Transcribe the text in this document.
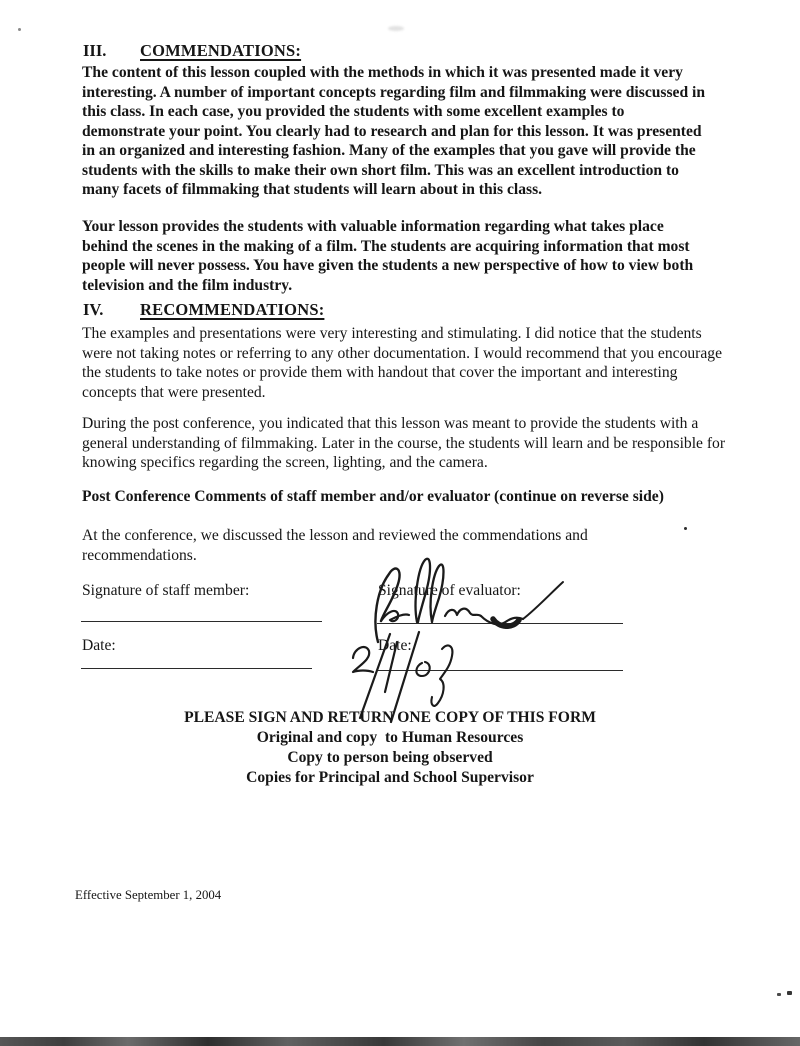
III. COMMENDATIONS:
The content of this lesson coupled with the methods in which it was presented made it very interesting. A number of important concepts regarding film and filmmaking were discussed in this class. In each case, you provided the students with some excellent examples to demonstrate your point. You clearly had to research and plan for this lesson. It was presented in an organized and interesting fashion. Many of the examples that you gave will provide the students with the skills to make their own short film. This was an excellent introduction to many facets of filmmaking that students will learn about in this class.
Your lesson provides the students with valuable information regarding what takes place behind the scenes in the making of a film. The students are acquiring information that most people will never possess. You have given the students a new perspective of how to view both television and the film industry.
IV. RECOMMENDATIONS:
The examples and presentations were very interesting and stimulating. I did notice that the students were not taking notes or referring to any other documentation. I would recommend that you encourage the students to take notes or provide them with handout that cover the important and interesting concepts that were presented.
During the post conference, you indicated that this lesson was meant to provide the students with a general understanding of filmmaking. Later in the course, the students will learn and be responsible for knowing specifics regarding the screen, lighting, and the camera.
Post Conference Comments of staff member and/or evaluator (continue on reverse side)
At the conference, we discussed the lesson and reviewed the commendations and recommendations.
Signature of staff member:	Signature of evaluator:
Date:	Date:
PLEASE SIGN AND RETURN ONE COPY OF THIS FORM
Original and copy  to Human Resources
Copy to person being observed
Copies for Principal and School Supervisor
Effective September 1, 2004
